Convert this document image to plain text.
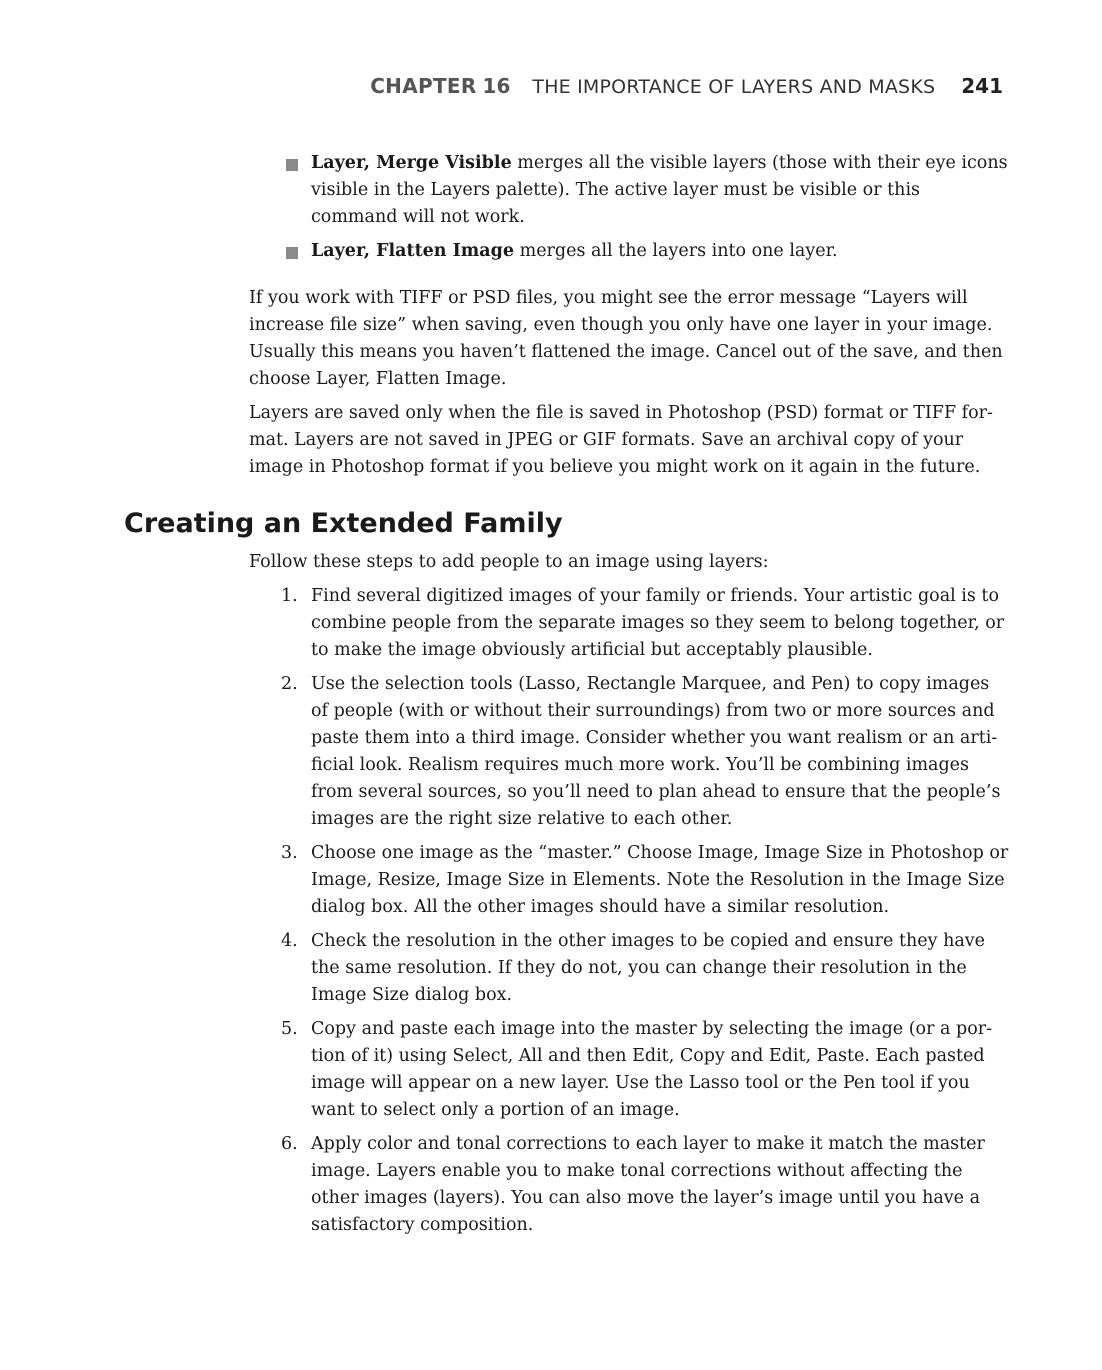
CHAPTER 16 THE IMPORTANCE OF LAYERS AND MASKS 241
Layer, Merge Visible merges all the visible layers (those with their eye icons visible in the Layers palette). The active layer must be visible or this command will not work.
Layer, Flatten Image merges all the layers into one layer.

If you work with TIFF or PSD files, you might see the error message “Layers will increase file size” when saving, even though you only have one layer in your image. Usually this means you haven’t flattened the image. Cancel out of the save, and then choose Layer, Flatten Image.

Layers are saved only when the file is saved in Photoshop (PSD) format or TIFF format. Layers are not saved in JPEG or GIF formats. Save an archival copy of your image in Photoshop format if you believe you might work on it again in the future.

Creating an Extended Family

Follow these steps to add people to an image using layers:

1. Find several digitized images of your family or friends. Your artistic goal is to combine people from the separate images so they seem to belong together, or to make the image obviously artificial but acceptably plausible.
2. Use the selection tools (Lasso, Rectangle Marquee, and Pen) to copy images of people (with or without their surroundings) from two or more sources and paste them into a third image. Consider whether you want realism or an artificial look. Realism requires much more work. You’ll be combining images from several sources, so you’ll need to plan ahead to ensure that the people’s images are the right size relative to each other.
3. Choose one image as the “master.” Choose Image, Image Size in Photoshop or Image, Resize, Image Size in Elements. Note the Resolution in the Image Size dialog box. All the other images should have a similar resolution.
4. Check the resolution in the other images to be copied and ensure they have the same resolution. If they do not, you can change their resolution in the Image Size dialog box.
5. Copy and paste each image into the master by selecting the image (or a portion of it) using Select, All and then Edit, Copy and Edit, Paste. Each pasted image will appear on a new layer. Use the Lasso tool or the Pen tool if you want to select only a portion of an image.
6. Apply color and tonal corrections to each layer to make it match the master image. Layers enable you to make tonal corrections without affecting the other images (layers). You can also move the layer’s image until you have a satisfactory composition.
